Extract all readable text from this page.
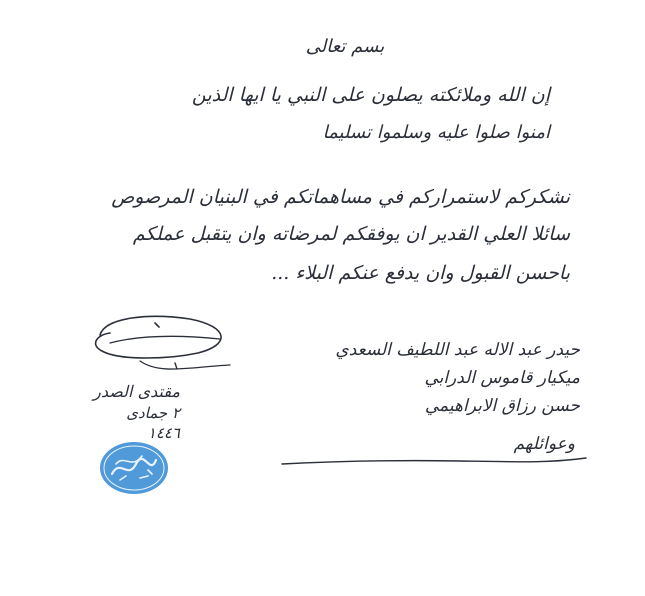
بسم تعالى
إن الله وملائكته يصلون على النبي يا ايها الذين
امنوا صلوا عليه وسلموا تسليما
نشكركم لاستمراركم في مساهماتكم في البنيان المرصوص
سائلا العلي القدير ان يوفقكم لمرضاته وان يتقبل عملكم
باحسن القبول وان يدفع عنكم البلاء ...
حيدر عبد الاله عبد اللطيف السعدي
ميكيار قاموس الدرابي
حسن رزاق الابراهيمي
وعوائلهم
مقتدى الصدر
٢ جمادى
١٤٤٦
